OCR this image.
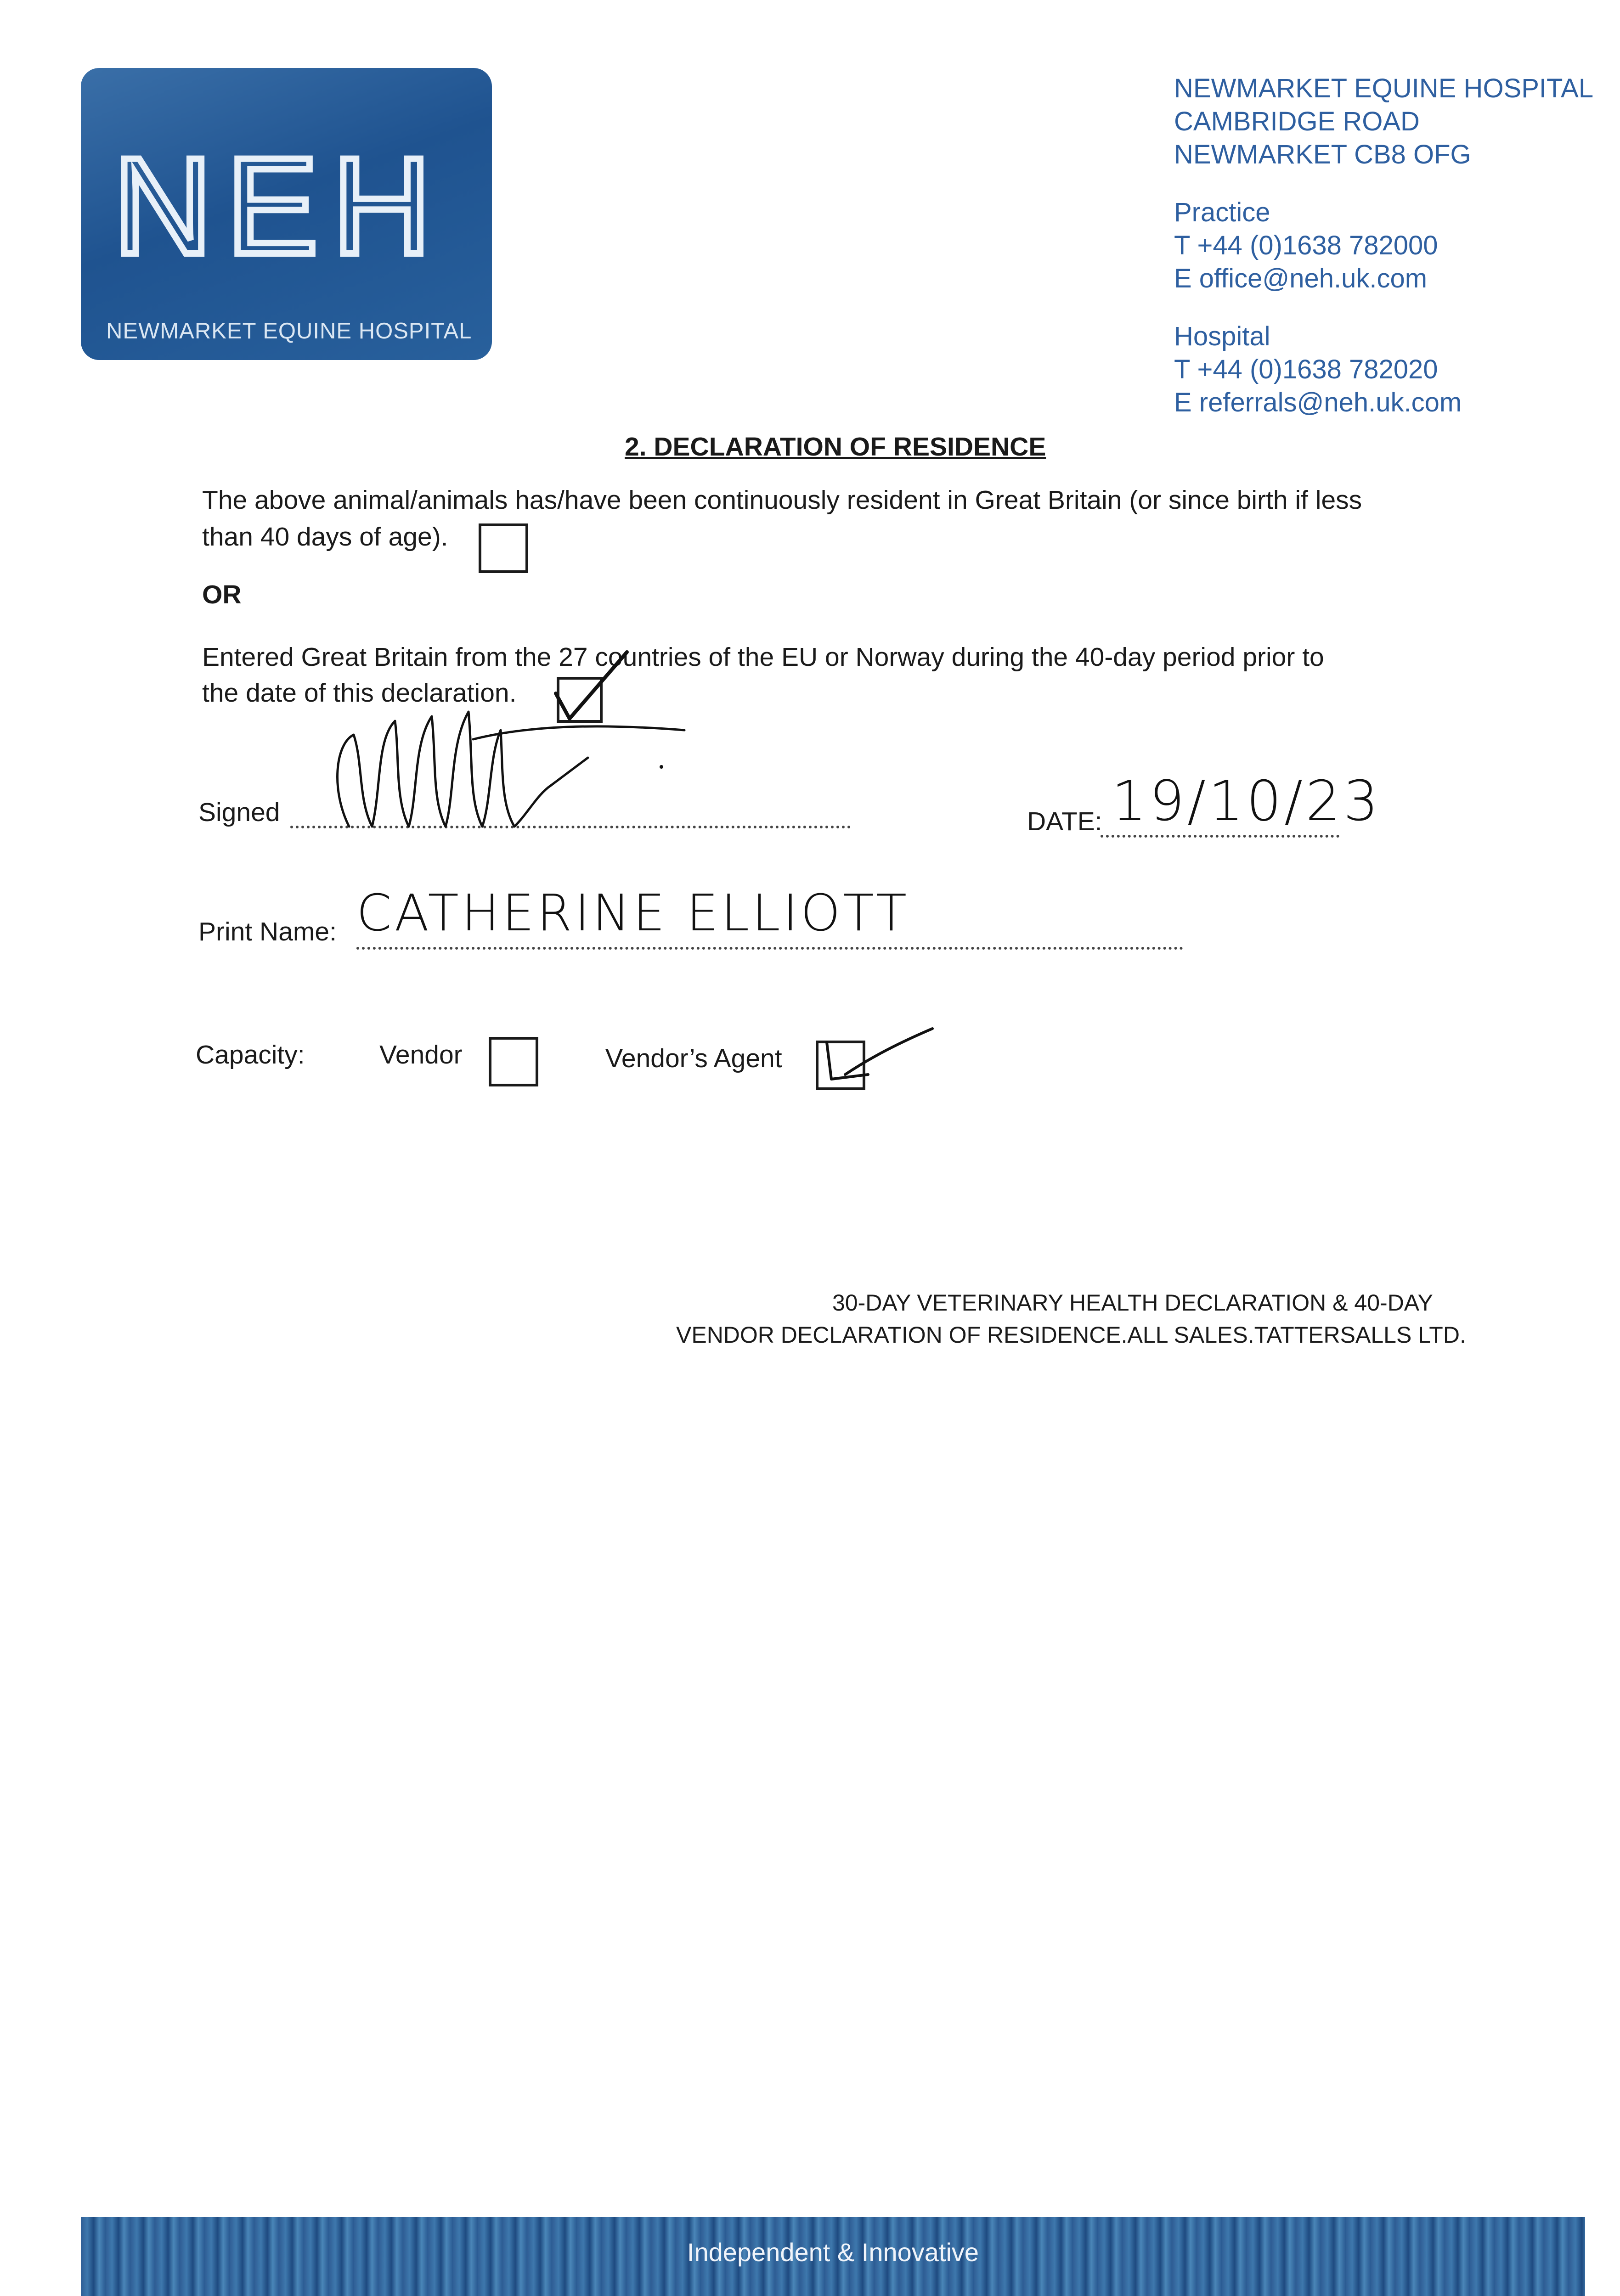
NEH
NEWMARKET EQUINE HOSPITAL
NEWMARKET EQUINE HOSPITAL
CAMBRIDGE ROAD
NEWMARKET CB8 OFG
Practice
T +44 (0)1638 782000
E office@neh.uk.com
Hospital
T +44 (0)1638 782020
E referrals@neh.uk.com
2. DECLARATION OF RESIDENCE
The above animal/animals has/have been continuously resident in Great Britain (or since birth if less
than 40 days of age).
OR
Entered Great Britain from the 27 countries of the EU or Norway during the 40-day period prior to
the date of this declaration.
Signed	DATE: 19/10/23
Print Name: CATHERINE ELLIOTT
Capacity:	Vendor	Vendor’s Agent
30-DAY VETERINARY HEALTH DECLARATION & 40-DAY
VENDOR DECLARATION OF RESIDENCE.ALL SALES.TATTERSALLS LTD.
Independent & Innovative
